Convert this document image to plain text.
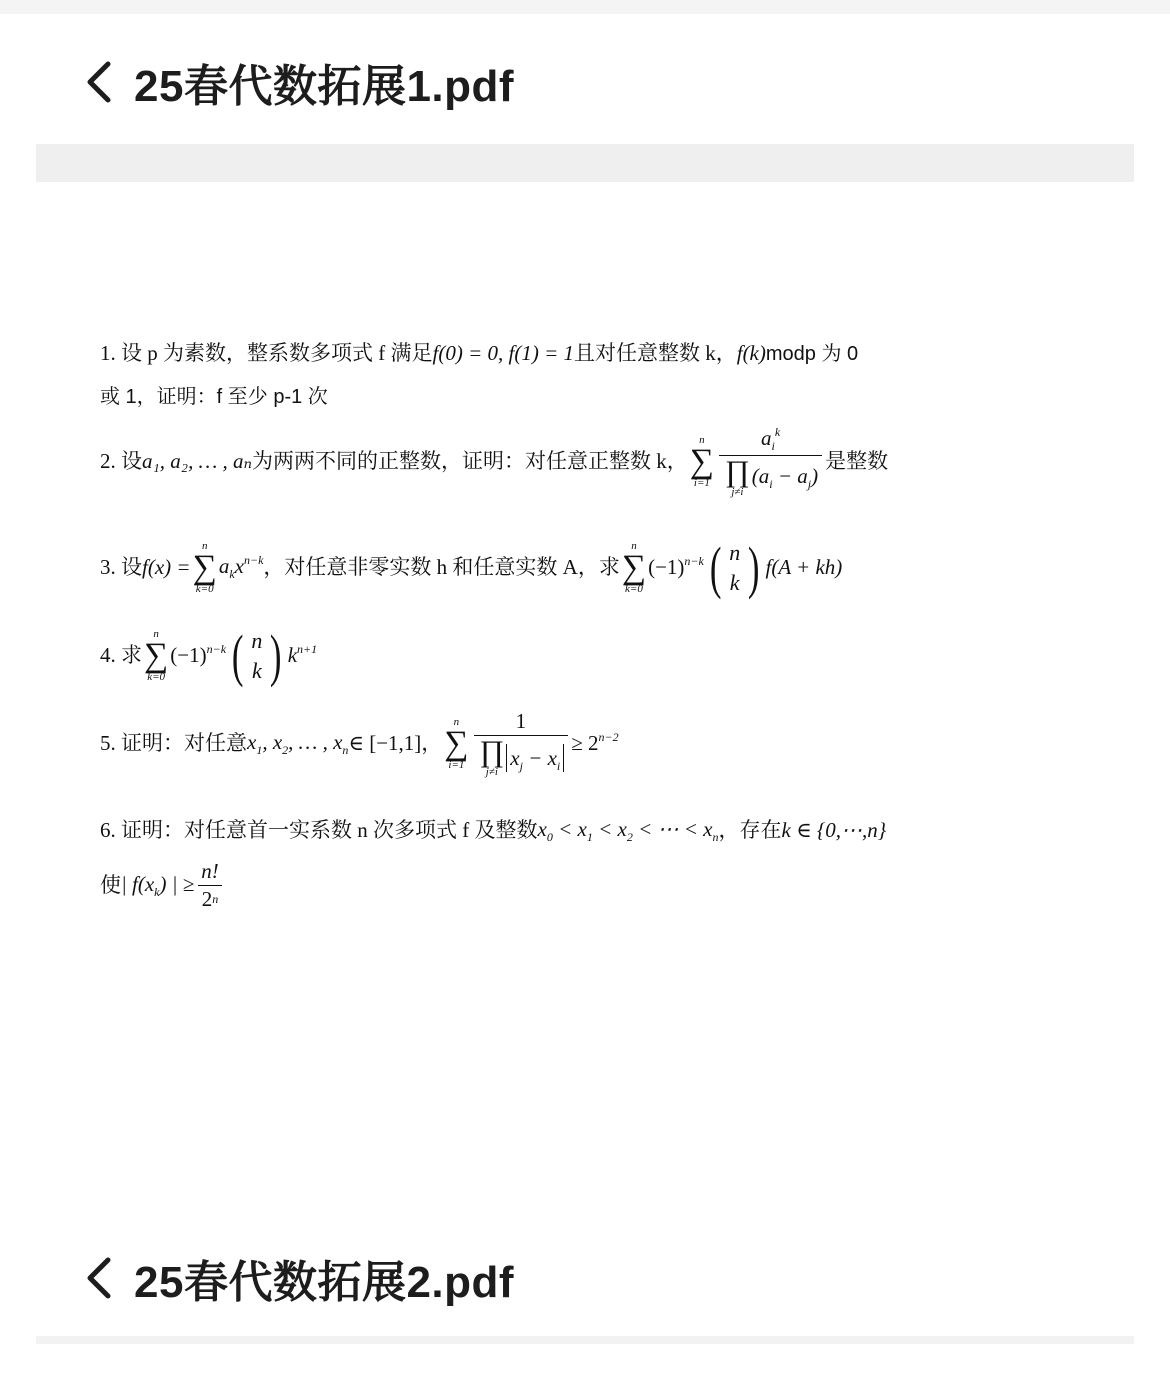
25春代数拓展1.pdf
1. 设 p 为素数，整系数多项式 f 满足 f(0) = 0, f(1) = 1 且对任意整数 k， f(k) modp 为 0
或 1，证明：f 至少 p-1 次
2. 设 a₁, a₂, … , aₙ 为两两不同的正整数，证明：对任意正整数 k，
n
∑
i=1 $a_i^k$
∏
j≠i
$(a_i - a_j)$ 是整数
3. 设 f(x) =
n
∑
k=0
$a_kx^{n-k}$ ，对任意非零实数 h 和任意实数 A，求
n
∑
k=0
$(-1)^{n-k}$ ( n
k ) f(A + kh)
4. 求
n
∑
k=0
$(-1)^{n-k}$ ( n
k ) $k^{n+1}$
5. 证明：对任意 $x_1$, $x_2$, … , $x_n$ ∈ [−1,1] ，
n
∑
i=1 1
∏
j≠i
$x_j - x_i \ge 2^{n-2}$
6. 证明：对任意首一实系数 n 次多项式 f 及整数 $x_0 < x_1 < x_2$ < ⋯ < $x_n$ ，存在 k ∈ {0,⋯,n}
使 | $f(x_k)$ | ≥ $\frac{n!}{2 n}$
25春代数拓展2.pdf
